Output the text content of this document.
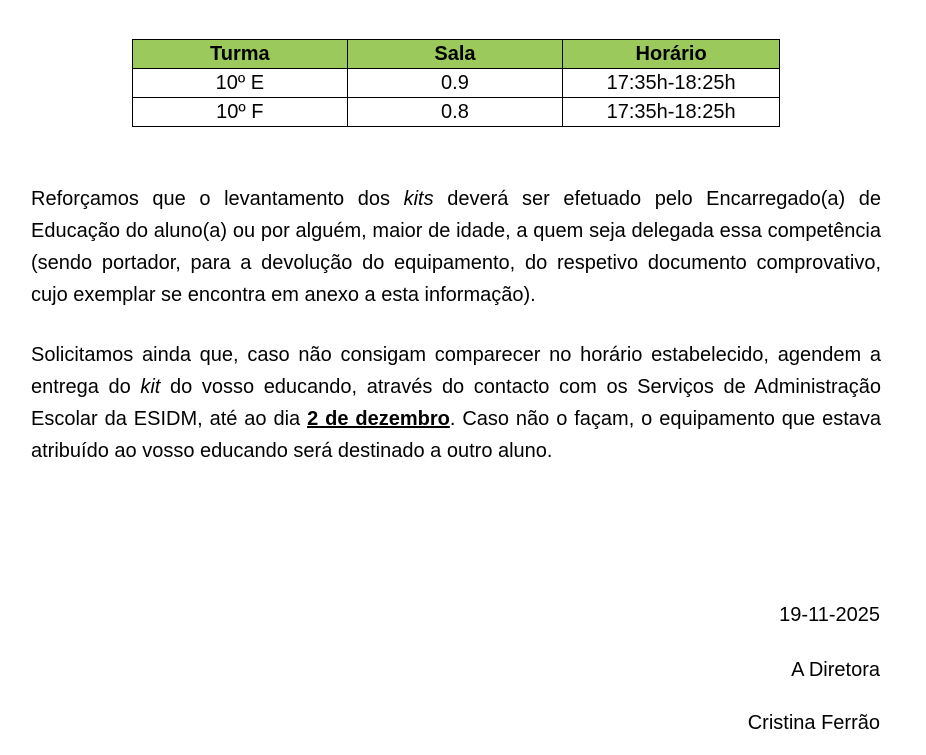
Turma	Sala	Horário
10º E	0.9	17:35h-18:25h
10º F	0.8	17:35h-18:25h

Reforçamos que o levantamento dos kits deverá ser efetuado pelo Encarregado(a) de Educação do aluno(a) ou por alguém, maior de idade, a quem seja delegada essa competência (sendo portador, para a devolução do equipamento, do respetivo documento comprovativo, cujo exemplar se encontra em anexo a esta informação).

Solicitamos ainda que, caso não consigam comparecer no horário estabelecido, agendem a entrega do kit do vosso educando, através do contacto com os Serviços de Administração Escolar da ESIDM, até ao dia 2 de dezembro. Caso não o façam, o equipamento que estava atribuído ao vosso educando será destinado a outro aluno.

19-11-2025
A Diretora
Cristina Ferrão
